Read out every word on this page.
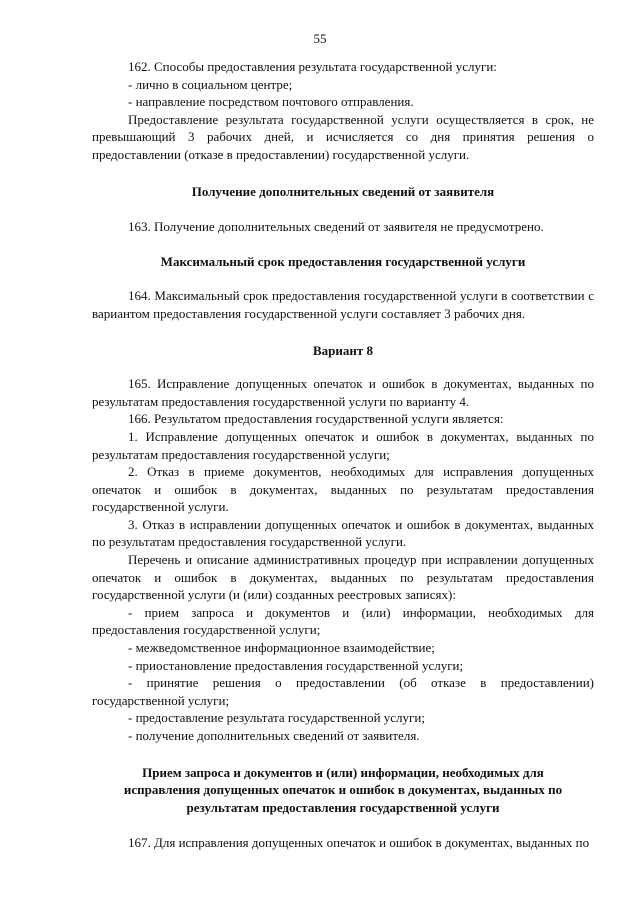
55

162. Способы предоставления результата государственной услуги:

- лично в социальном центре;

- направление посредством почтового отправления.

Предоставление результата государственной услуги осуществляется в срок, не превышающий 3 рабочих дней, и исчисляется со дня принятия решения о предоставлении (отказе в предоставлении) государственной услуги.

Получение дополнительных сведений от заявителя

163. Получение дополнительных сведений от заявителя не предусмотрено.

Максимальный срок предоставления государственной услуги

164. Максимальный срок предоставления государственной услуги в соответствии с вариантом предоставления государственной услуги составляет 3 рабочих дня.

Вариант 8

165. Исправление допущенных опечаток и ошибок в документах, выданных по результатам предоставления государственной услуги по варианту 4.

166. Результатом предоставления государственной услуги является:

1. Исправление допущенных опечаток и ошибок в документах, выданных по результатам предоставления государственной услуги;

2. Отказ в приеме документов, необходимых для исправления допущенных опечаток и ошибок в документах, выданных по результатам предоставления государственной услуги.

3. Отказ в исправлении допущенных опечаток и ошибок в документах, выданных по результатам предоставления государственной услуги.

Перечень и описание административных процедур при исправлении допущенных опечаток и ошибок в документах, выданных по результатам предоставления государственной услуги (и (или) созданных реестровых записях):

- прием запроса и документов и (или) информации, необходимых для предоставления государственной услуги;

- межведомственное информационное взаимодействие;

- приостановление предоставления государственной услуги;

- принятие решения о предоставлении (об отказе в предоставлении) государственной услуги;

- предоставление результата государственной услуги;

- получение дополнительных сведений от заявителя.

Прием запроса и документов и (или) информации, необходимых для исправления допущенных опечаток и ошибок в документах, выданных по результатам предоставления государственной услуги

167. Для исправления допущенных опечаток и ошибок в документах, выданных по
